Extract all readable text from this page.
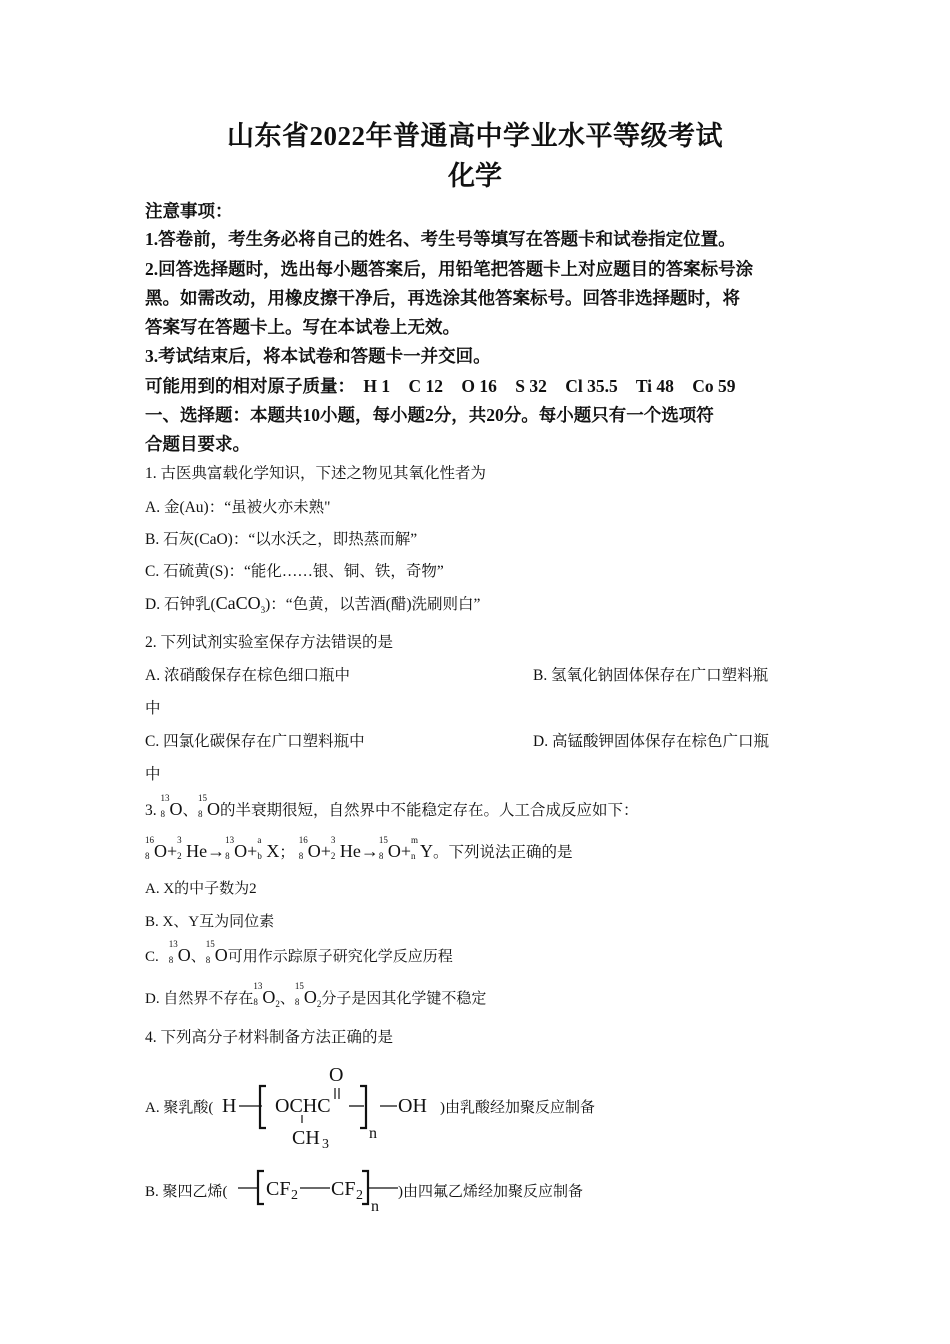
山东省2022年普通高中学业水平等级考试
化学
注意事项：
1.答卷前，考生务必将自己的姓名、考生号等填写在答题卡和试卷指定位置。
2.回答选择题时，选出每小题答案后，用铅笔把答题卡上对应题目的答案标号涂
黑。如需改动，用橡皮擦干净后，再选涂其他答案标号。回答非选择题时，将
答案写在答题卡上。写在本试卷上无效。
3.考试结束后，将本试卷和答题卡一并交回。
可能用到的相对原子质量： H 1 C 12 O 16 S 32 Cl 35.5 Ti 48 Co 59
一、选择题：本题共10小题，每小题2分，共20分。每小题只有一个选项符
合题目要求。
1. 古医典富载化学知识，下述之物见其氧化性者为
A. 金(Au)：“虽被火亦未熟"
B. 石灰(CaO)：“以水沃之，即热蒸而解”
C. 石硫黄(S)：“能化……银、铜、铁，奇物”
D. 石钟乳(CaCO$_3$)：“色黄，以苦酒(醋)洗刷则白”
2. 下列试剂实验室保存方法错误的是
A. 浓硝酸保存在棕色细口瓶中	B. 氢氧化钠固体保存在广口塑料瓶
中
C. 四氯化碳保存在广口塑料瓶中	D. 高锰酸钾固体保存在棕色广口瓶
中
3.
13
8 O、
15
8 O的半衰期很短，自然界中不能稳定存在。人工合成反应如下：
16
8 O+
3
2 He→
13
8 O+
a
b X；
16
8 O+
3
2 He→
15
8 O+
m
n Y。下列说法正确的是
A. X的中子数为2
B. X、Y互为同位素
C.
13
8 O、
15
8 O可用作示踪原子研究化学反应历程
D. 自然界不存在
13
8 $O_2$、
15
8 $O_2$分子是因其化学键不稳定
4. 下列高分子材料制备方法正确的是
A. 聚乳酸( H OCHC
O
CH 3
n
OH )由乳酸经加聚反应制备
B. 聚四乙烯( CF 2 CF 2
n
)由四氟乙烯经加聚反应制备
